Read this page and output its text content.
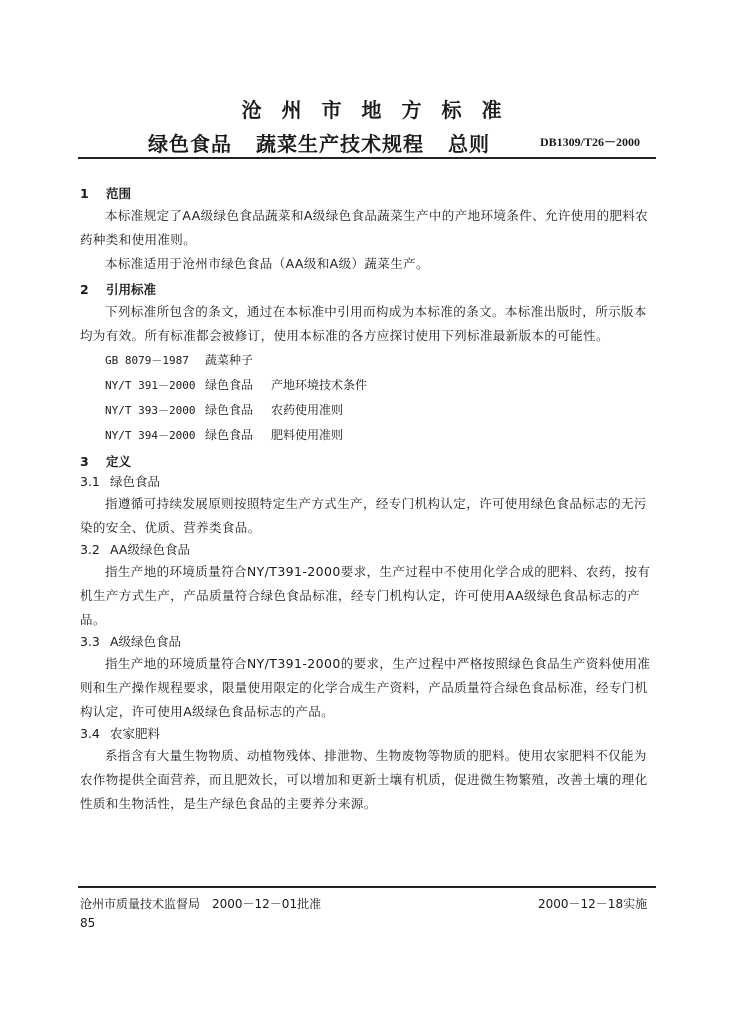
沧州市地方标准
绿色食品 蔬菜生产技术规程 总则	DB1309/T26－2000
1 范围

本标准规定了AA级绿色食品蔬菜和A级绿色食品蔬菜生产中的产地环境条件、允许使用的肥料农药种类和使用准则。

本标准适用于沧州市绿色食品（AA级和A级）蔬菜生产。

2 引用标准

下列标准所包含的条文，通过在本标准中引用而构成为本标准的条文。本标准出版时，所示版本均为有效。所有标准都会被修订，使用本标准的各方应探讨使用下列标准最新版本的可能性。

GB 8079－1987 蔬菜种子
NY/T 391－2000 绿色食品 产地环境技术条件
NY/T 393－2000 绿色食品 农药使用准则
NY/T 394－2000 绿色食品 肥料使用准则
3 定义
3.1 绿色食品

指遵循可持续发展原则按照特定生产方式生产，经专门机构认定，许可使用绿色食品标志的无污染的安全、优质、营养类食品。

3.2 AA级绿色食品

指生产地的环境质量符合NY/T391-2000要求，生产过程中不使用化学合成的肥料、农药，按有机生产方式生产，产品质量符合绿色食品标准，经专门机构认定，许可使用AA级绿色食品标志的产品。

3.3 A级绿色食品

指生产地的环境质量符合NY/T391-2000的要求，生产过程中严格按照绿色食品生产资料使用准则和生产操作规程要求，限量使用限定的化学合成生产资料，产品质量符合绿色食品标准，经专门机构认定，许可使用A级绿色食品标志的产品。

3.4 农家肥料

系指含有大量生物物质、动植物残体、排泄物、生物废物等物质的肥料。使用农家肥料不仅能为农作物提供全面营养，而且肥效长，可以增加和更新土壤有机质，促进微生物繁殖，改善土壤的理化性质和生物活性，是生产绿色食品的主要养分来源。

沧州市质量技术监督局　2000－12－01批准	2000－12－18实施
85
